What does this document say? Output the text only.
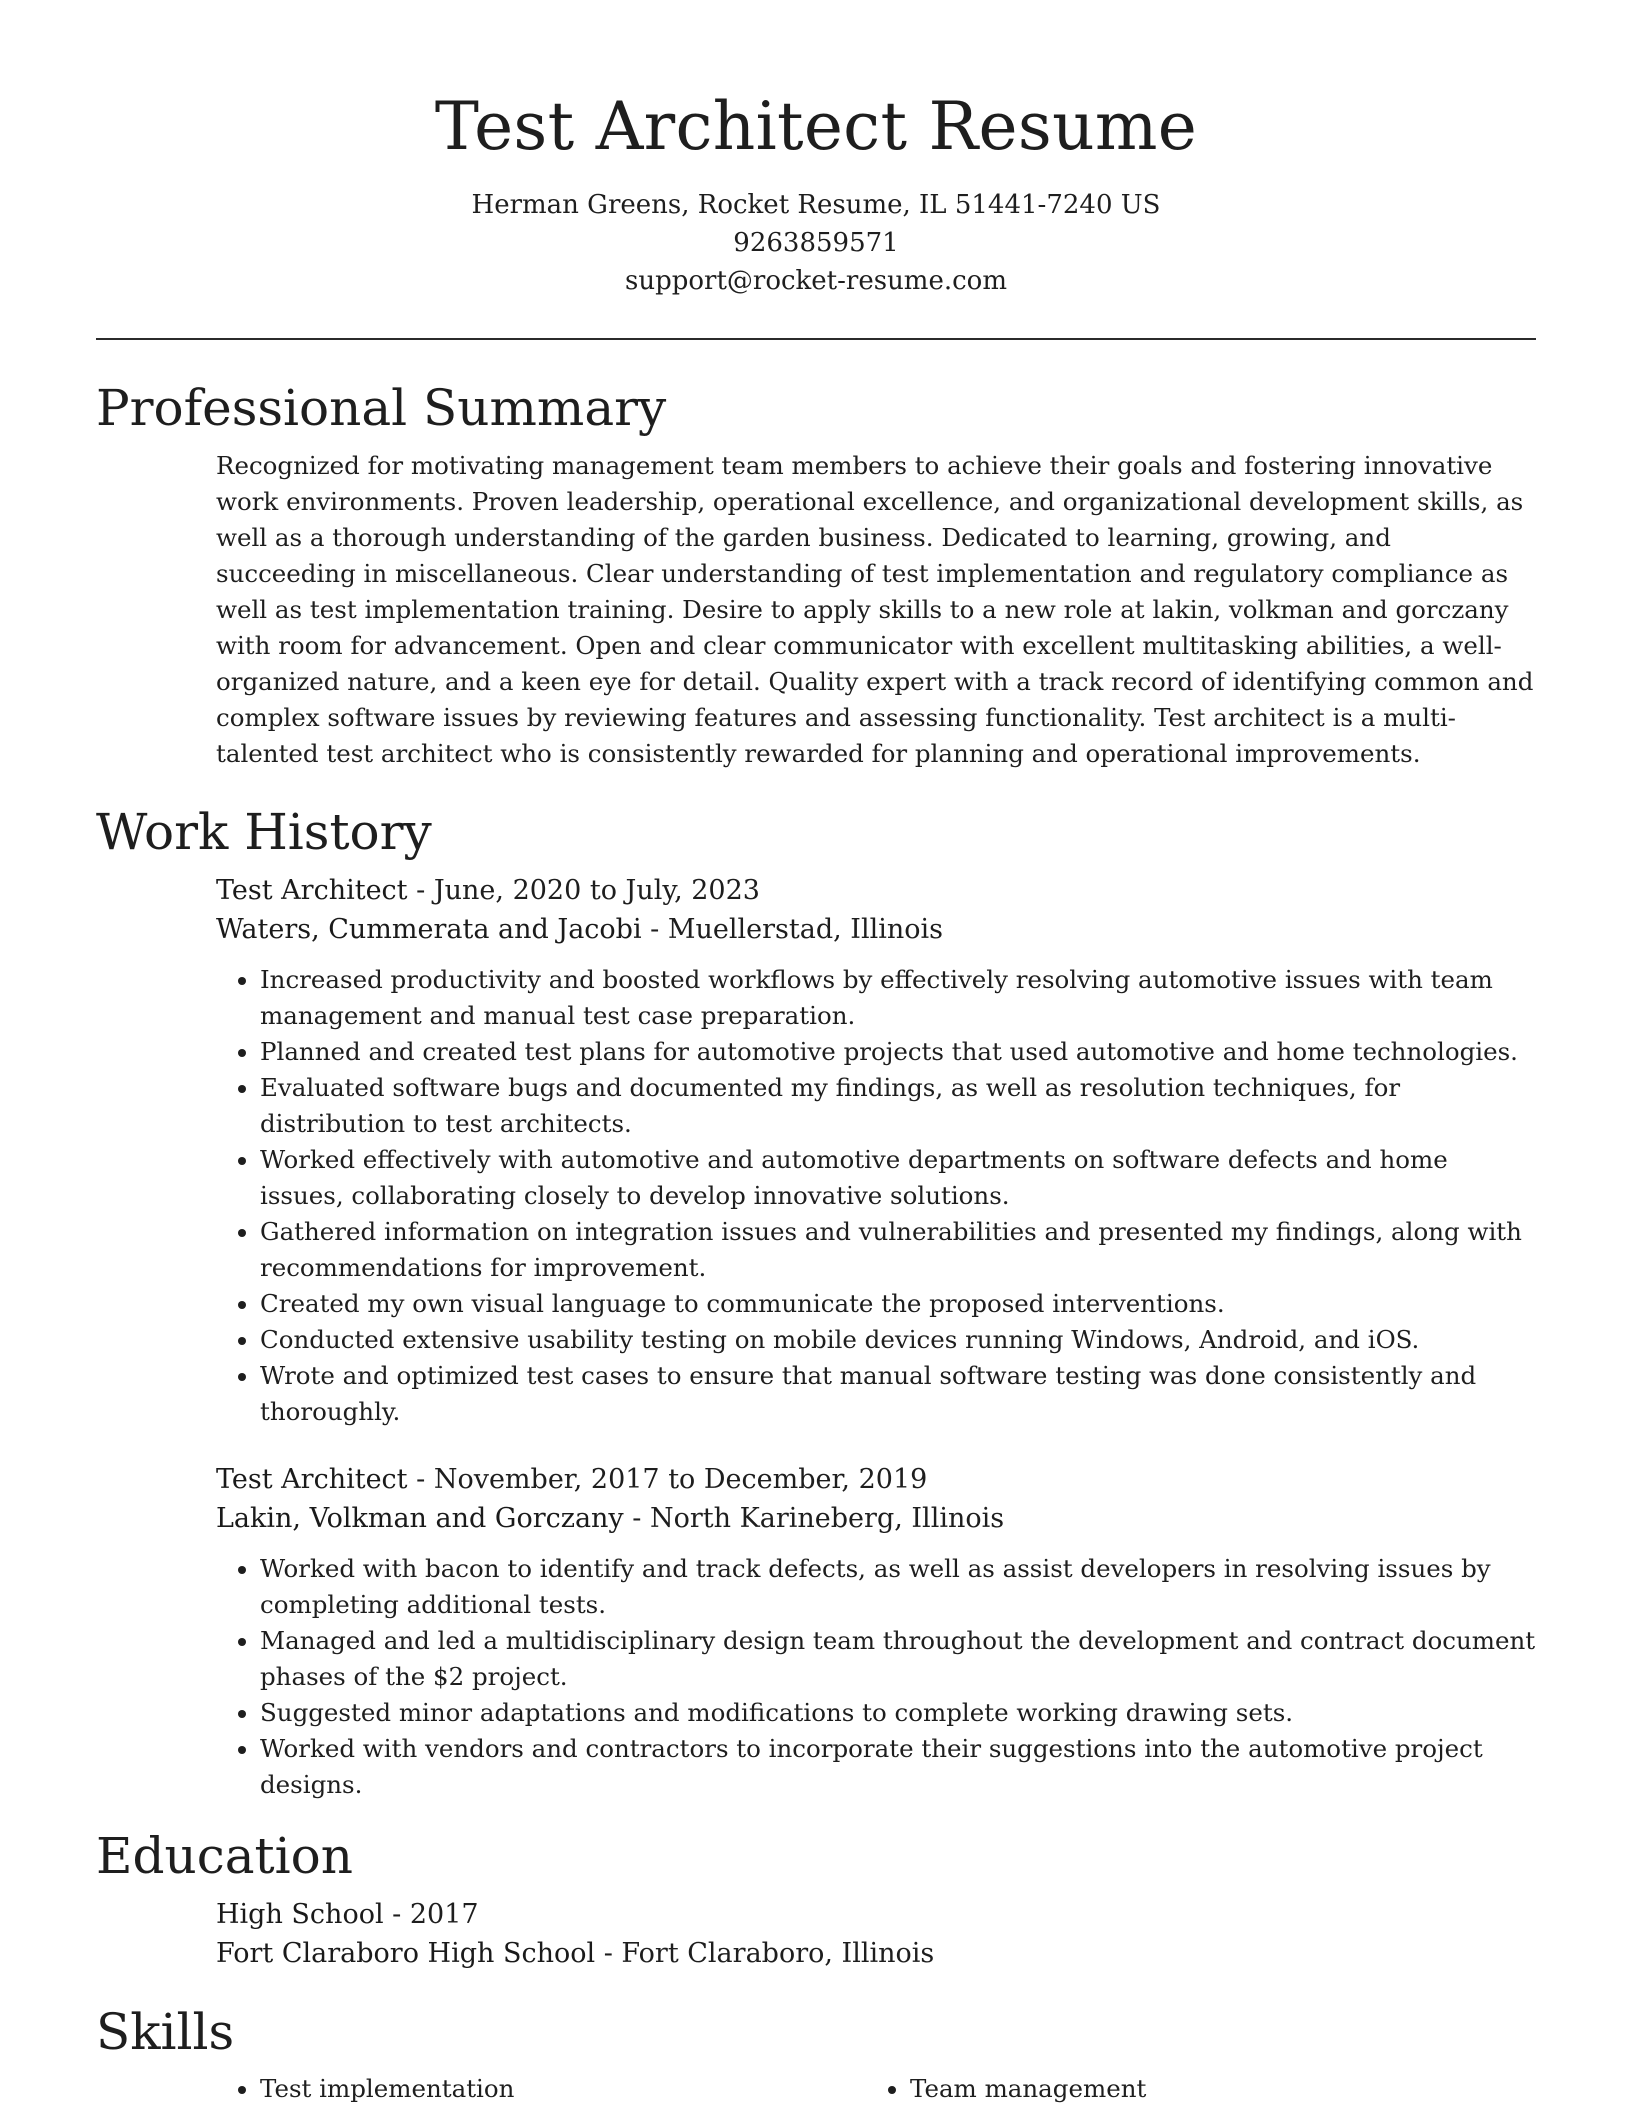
Test Architect Resume
Herman Greens, Rocket Resume, IL 51441-7240 US
9263859571
support@rocket-resume.com
Professional Summary

Recognized for motivating management team members to achieve their goals and fostering innovative work environments. Proven leadership, operational excellence, and organizational development skills, as well as a thorough understanding of the garden business. Dedicated to learning, growing, and succeeding in miscellaneous. Clear understanding of test implementation and regulatory compliance as well as test implementation training. Desire to apply skills to a new role at lakin, volkman and gorczany with room for advancement. Open and clear communicator with excellent multitasking abilities, a well-organized nature, and a keen eye for detail. Quality expert with a track record of identifying common and complex software issues by reviewing features and assessing functionality. Test architect is a multi-talented test architect who is consistently rewarded for planning and operational improvements.

Work History
Test Architect - June, 2020 to July, 2023
Waters, Cummerata and Jacobi - Muellerstad, Illinois
• Increased productivity and boosted workflows by effectively resolving automotive issues with team management and manual test case preparation.
• Planned and created test plans for automotive projects that used automotive and home technologies.
• Evaluated software bugs and documented my findings, as well as resolution techniques, for distribution to test architects.
• Worked effectively with automotive and automotive departments on software defects and home issues, collaborating closely to develop innovative solutions.
• Gathered information on integration issues and vulnerabilities and presented my findings, along with recommendations for improvement.
• Created my own visual language to communicate the proposed interventions.
• Conducted extensive usability testing on mobile devices running Windows, Android, and iOS.
• Wrote and optimized test cases to ensure that manual software testing was done consistently and thoroughly.
Test Architect - November, 2017 to December, 2019
Lakin, Volkman and Gorczany - North Karineberg, Illinois
• Worked with bacon to identify and track defects, as well as assist developers in resolving issues by completing additional tests.
• Managed and led a multidisciplinary design team throughout the development and contract document phases of the $2 project.
• Suggested minor adaptations and modifications to complete working drawing sets.
• Worked with vendors and contractors to incorporate their suggestions into the automotive project designs.
Education
High School - 2017
Fort Claraboro High School - Fort Claraboro, Illinois
Skills
• Test implementation
•	Team management
